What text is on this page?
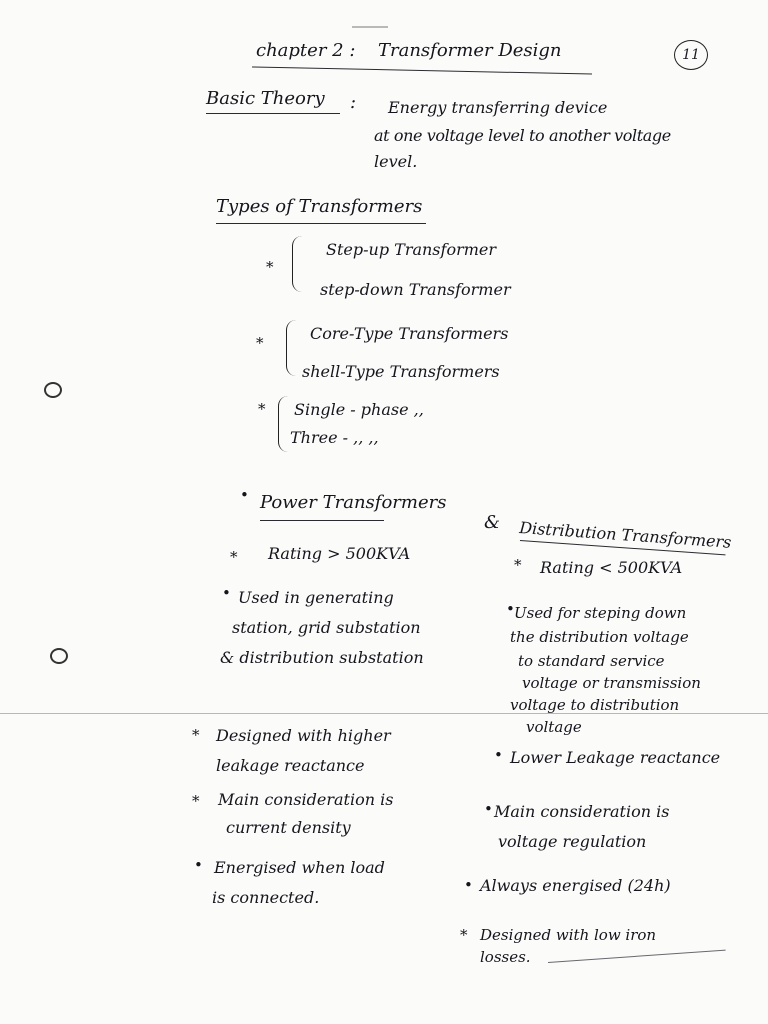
chapter 2 : Transformer Design	11
Basic Theory : Energy transferring device
at one voltage level to another voltage
level.
Types of Transformers
*
Step-up Transformer
step-down Transformer
*	Core-Type Transformers
shell-Type Transformers
* Single - phase ,,
Three - ,, ,,
• Power Transformers
& Distribution Transformers
* Rating > 500KVA
• Used in generating
station, grid substation
& distribution substation
* Designed with higher
leakage reactance
* Main consideration is
current density
• Energised when load
is connected.
* Rating < 500KVA
• Used for steping down
the distribution voltage
to standard service
voltage or transmission
voltage to distribution
voltage
• Lower Leakage reactance
• Main consideration is
voltage regulation
• Always energised (24h)
* Designed with low iron
losses.
